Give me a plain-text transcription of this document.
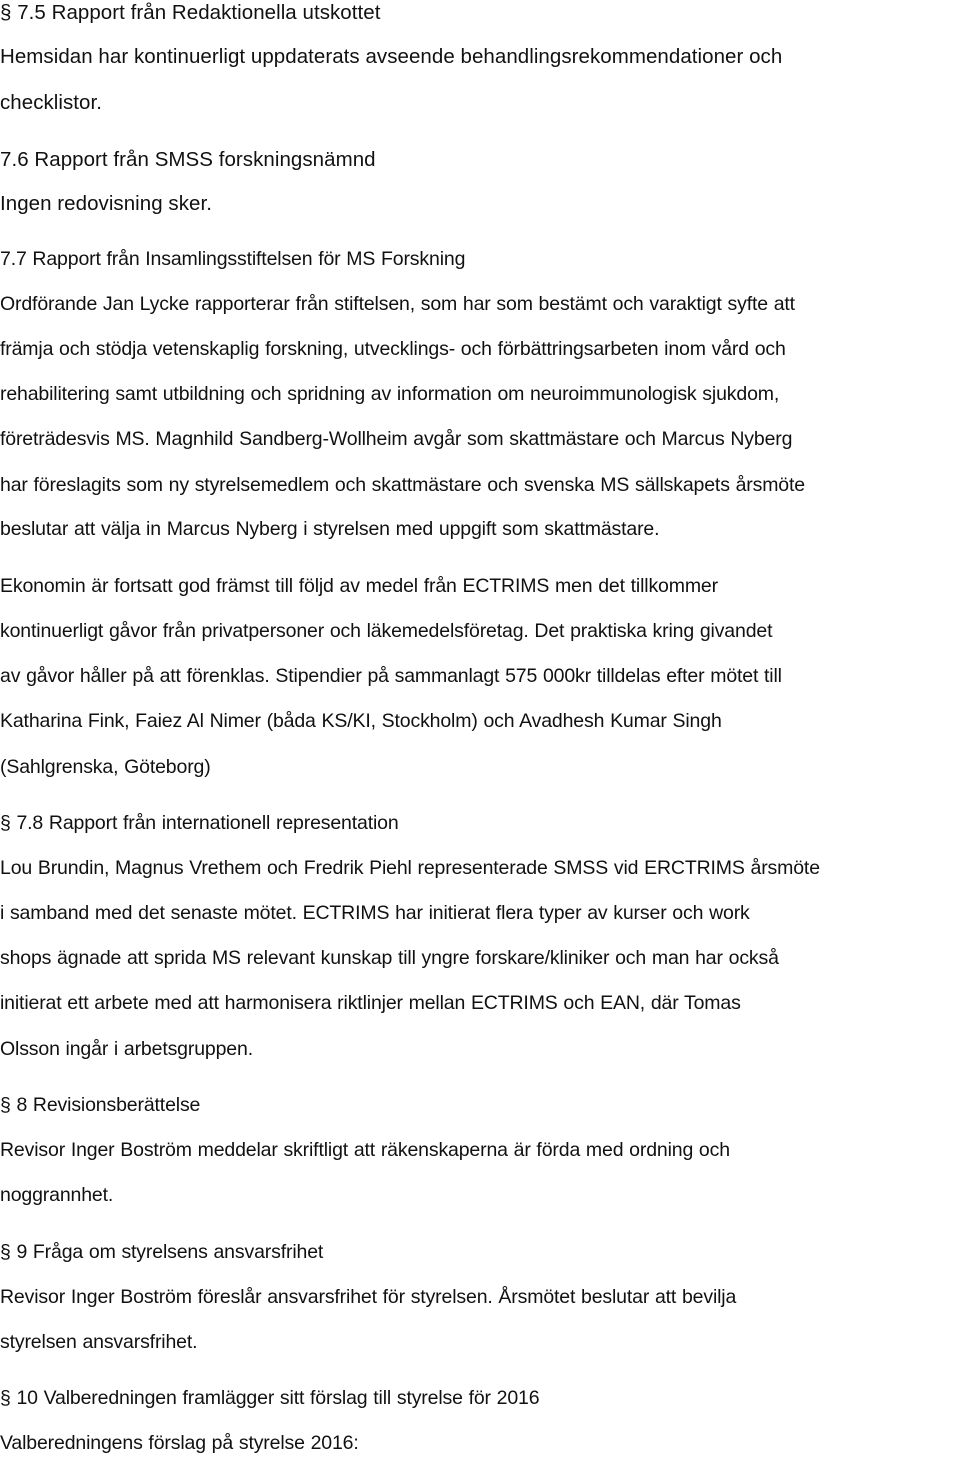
§ 7.5 Rapport från Redaktionella utskottet
Hemsidan har kontinuerligt uppdaterats avseende behandlingsrekommendationer och
checklistor.
7.6 Rapport från SMSS forskningsnämnd
Ingen redovisning sker.
7.7 Rapport från Insamlingsstiftelsen för MS Forskning
Ordförande Jan Lycke rapporterar från stiftelsen, som har som bestämt och varaktigt syfte att
främja och stödja vetenskaplig forskning, utvecklings- och förbättringsarbeten inom vård och
rehabilitering samt utbildning och spridning av information om neuroimmunologisk sjukdom,
företrädesvis MS. Magnhild Sandberg-Wollheim avgår som skattmästare och Marcus Nyberg
har föreslagits som ny styrelsemedlem och skattmästare och svenska MS sällskapets årsmöte
beslutar att välja in Marcus Nyberg i styrelsen med uppgift som skattmästare.
Ekonomin är fortsatt god främst till följd av medel från ECTRIMS men det tillkommer
kontinuerligt gåvor från privatpersoner och läkemedelsföretag. Det praktiska kring givandet
av gåvor håller på att förenklas. Stipendier på sammanlagt 575 000kr tilldelas efter mötet till
Katharina Fink, Faiez Al Nimer (båda KS/KI, Stockholm) och Avadhesh Kumar Singh
(Sahlgrenska, Göteborg)
§ 7.8 Rapport från internationell representation
Lou Brundin, Magnus Vrethem och Fredrik Piehl representerade SMSS vid ERCTRIMS årsmöte
i samband med det senaste mötet. ECTRIMS har initierat flera typer av kurser och work
shops ägnade att sprida MS relevant kunskap till yngre forskare/kliniker och man har också
initierat ett arbete med att harmonisera riktlinjer mellan ECTRIMS och EAN, där Tomas
Olsson ingår i arbetsgruppen.
§ 8 Revisionsberättelse
Revisor Inger Boström meddelar skriftligt att räkenskaperna är förda med ordning och
noggrannhet.
§ 9 Fråga om styrelsens ansvarsfrihet
Revisor Inger Boström föreslår ansvarsfrihet för styrelsen. Årsmötet beslutar att bevilja
styrelsen ansvarsfrihet.
§ 10 Valberedningen framlägger sitt förslag till styrelse för 2016
Valberedningens förslag på styrelse 2016:
